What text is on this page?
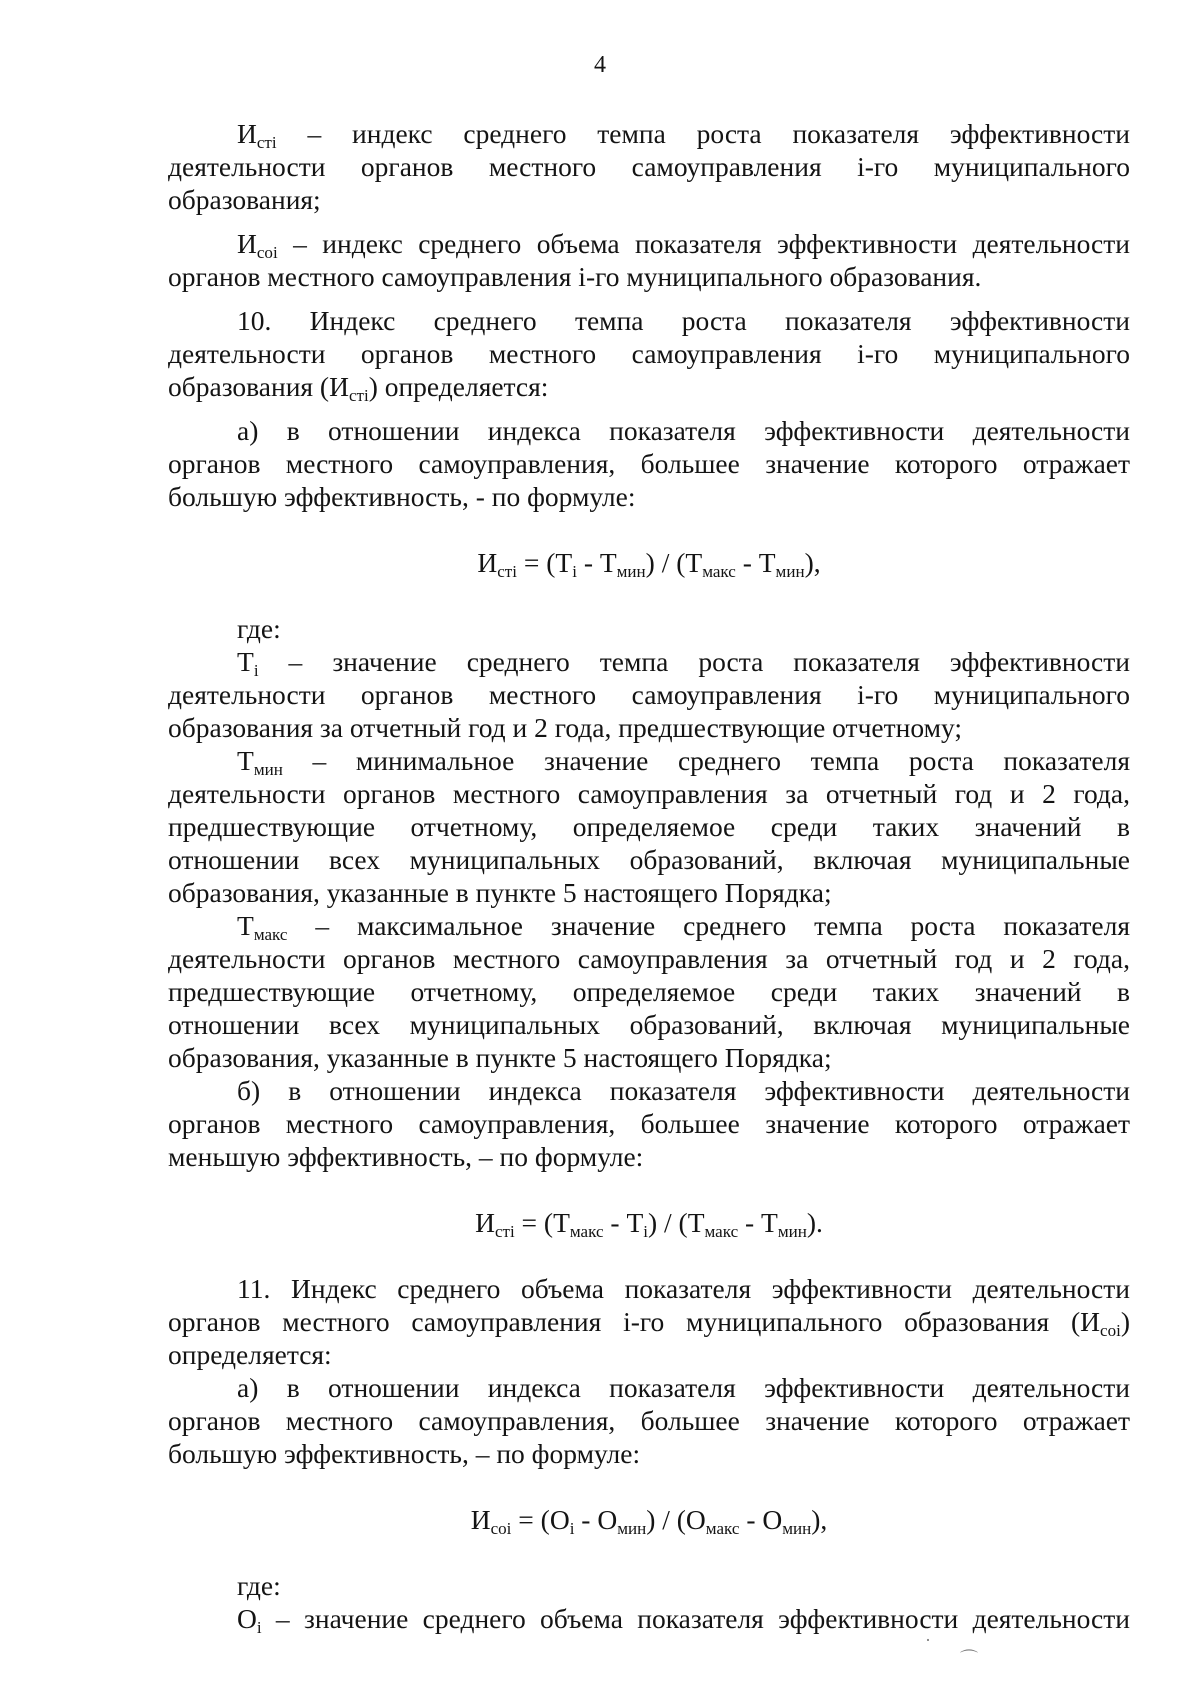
4

$И_{сті}$ – индекс среднего темпа роста показателя эффективности

деятельности органов местного самоуправления і-го муниципального

образования;

$И_{соі}$ – индекс среднего объема показателя эффективности деятельности

органов местного самоуправления і-го муниципального образования.

10. Индекс среднего темпа роста показателя эффективности

деятельности органов местного самоуправления і-го муниципального

образования $(И_{сті})$ определяется:

а) в отношении индекса показателя эффективности деятельности

органов местного самоуправления, большее значение которого отражает

большую эффективность, - по формуле:

$И_{сті} = (Т_і - Т_{мин}) / (Т_{макс} - Т_{мин})$,

где:

$Т_і$ – значение среднего темпа роста показателя эффективности

деятельности органов местного самоуправления і-го муниципального

образования за отчетный год и 2 года, предшествующие отчетному;

$Т_{мин}$ – минимальное значение среднего темпа роста показателя

деятельности органов местного самоуправления за отчетный год и 2 года,

предшествующие отчетному, определяемое среди таких значений в

отношении всех муниципальных образований, включая муниципальные

образования, указанные в пункте 5 настоящего Порядка;

$Т_{макс}$ – максимальное значение среднего темпа роста показателя

деятельности органов местного самоуправления за отчетный год и 2 года,

предшествующие отчетному, определяемое среди таких значений в

отношении всех муниципальных образований, включая муниципальные

образования, указанные в пункте 5 настоящего Порядка;

б) в отношении индекса показателя эффективности деятельности

органов местного самоуправления, большее значение которого отражает

меньшую эффективность, – по формуле:

$И_{сті} = (Т_{макс} - Т_і) / (Т_{макс} - Т_{мин})$.

11. Индекс среднего объема показателя эффективности деятельности

органов местного самоуправления і-го муниципального образования $(И_{соі})$

определяется:

а) в отношении индекса показателя эффективности деятельности

органов местного самоуправления, большее значение которого отражает

большую эффективность, – по формуле:

$И_{соі} = (О_і - О_{мин}) / (О_{макс} - О_{мин})$,

где:

$О_і$ – значение среднего объема показателя эффективности деятельности

·
⌒
